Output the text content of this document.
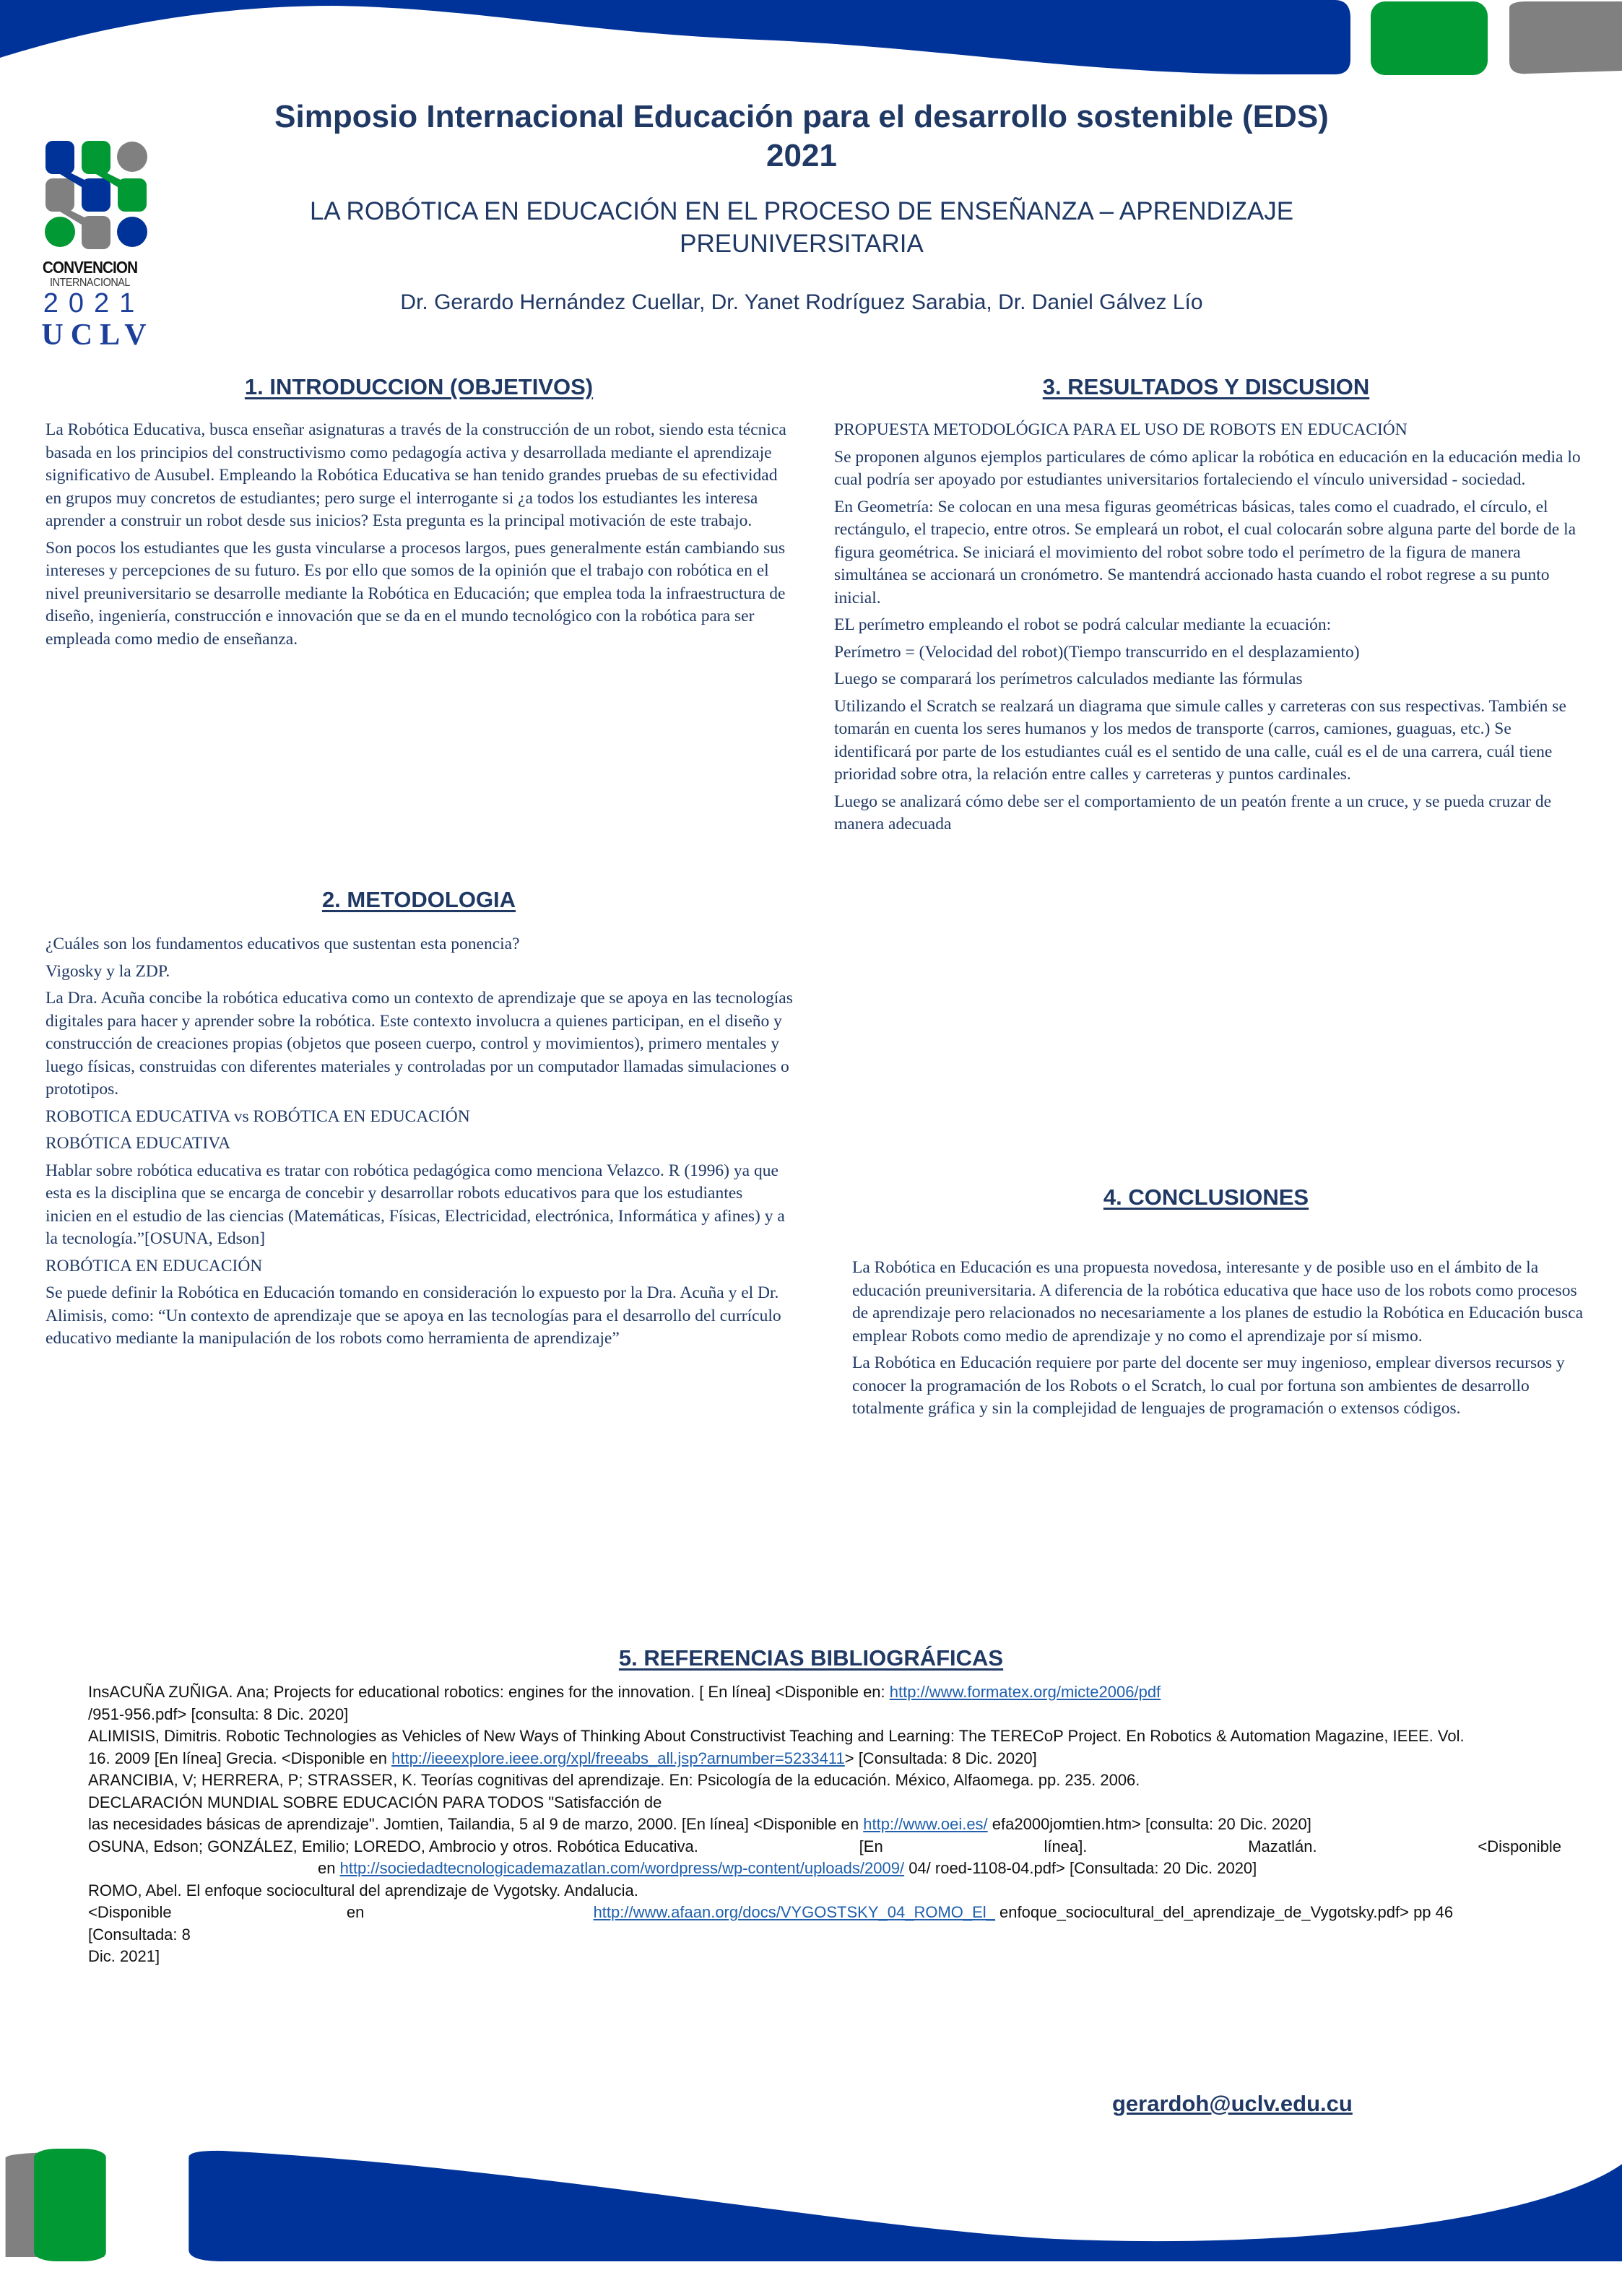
CONVENCION
INTERNACIONAL
2021
UCLV
Simposio Internacional Educación para el desarrollo sostenible (EDS)
2021
LA ROBÓTICA EN EDUCACIÓN EN EL PROCESO DE ENSEÑANZA – APRENDIZAJE
PREUNIVERSITARIA
Dr. Gerardo Hernández Cuellar, Dr. Yanet Rodríguez Sarabia, Dr. Daniel Gálvez Lío
1. INTRODUCCION (OBJETIVOS)

La Robótica Educativa, busca enseñar asignaturas a través de la construcción de un robot, siendo esta técnica basada en los principios del constructivismo como pedagogía activa y desarrollada mediante el aprendizaje significativo de Ausubel. Empleando la Robótica Educativa se han tenido grandes pruebas de su efectividad en grupos muy concretos de estudiantes; pero surge el interrogante si ¿a todos los estudiantes les interesa aprender a construir un robot desde sus inicios? Esta pregunta es la principal motivación de este trabajo.

Son pocos los estudiantes que les gusta vincularse a procesos largos, pues generalmente están cambiando sus intereses y percepciones de su futuro. Es por ello que somos de la opinión que el trabajo con robótica en el nivel preuniversitario se desarrolle mediante la Robótica en Educación; que emplea toda la infraestructura de diseño, ingeniería, construcción e innovación que se da en el mundo tecnológico con la robótica para ser empleada como medio de enseñanza.

2. METODOLOGIA

¿Cuáles son los fundamentos educativos que sustentan esta ponencia?

Vigosky y la ZDP.

La Dra. Acuña concibe la robótica educativa como un contexto de aprendizaje que se apoya en las tecnologías digitales para hacer y aprender sobre la robótica. Este contexto involucra a quienes participan, en el diseño y construcción de creaciones propias (objetos que poseen cuerpo, control y movimientos), primero mentales y luego físicas, construidas con diferentes materiales y controladas por un computador llamadas simulaciones o prototipos.

ROBOTICA EDUCATIVA vs ROBÓTICA EN EDUCACIÓN

ROBÓTICA EDUCATIVA

Hablar sobre robótica educativa es tratar con robótica pedagógica como menciona Velazco. R (1996) ya que esta es la disciplina que se encarga de concebir y desarrollar robots educativos para que los estudiantes inicien en el estudio de las ciencias (Matemáticas, Físicas, Electricidad, electrónica, Informática y afines) y a la tecnología.”[OSUNA, Edson]

ROBÓTICA EN EDUCACIÓN

Se puede definir la Robótica en Educación tomando en consideración lo expuesto por la Dra. Acuña y el Dr. Alimisis, como: “Un contexto de aprendizaje que se apoya en las tecnologías para el desarrollo del currículo educativo mediante la manipulación de los robots como herramienta de aprendizaje”

3. RESULTADOS Y DISCUSION

PROPUESTA METODOLÓGICA PARA EL USO DE ROBOTS EN EDUCACIÓN

Se proponen algunos ejemplos particulares de cómo aplicar la robótica en educación en la educación media lo cual podría ser apoyado por estudiantes universitarios fortaleciendo el vínculo universidad - sociedad.

En Geometría: Se colocan en una mesa figuras geométricas básicas, tales como el cuadrado, el círculo, el rectángulo, el trapecio, entre otros. Se empleará un robot, el cual colocarán sobre alguna parte del borde de la figura geométrica. Se iniciará el movimiento del robot sobre todo el perímetro de la figura de manera simultánea se accionará un cronómetro. Se mantendrá accionado hasta cuando el robot regrese a su punto inicial.

EL perímetro empleando el robot se podrá calcular mediante la ecuación:

Perímetro = (Velocidad del robot)(Tiempo transcurrido en el desplazamiento)

Luego se comparará los perímetros calculados mediante las fórmulas

Utilizando el Scratch se realzará un diagrama que simule calles y carreteras con sus respectivas. También se tomarán en cuenta los seres humanos y los medos de transporte (carros, camiones, guaguas, etc.) Se identificará por parte de los estudiantes cuál es el sentido de una calle, cuál es el de una carrera, cuál tiene prioridad sobre otra, la relación entre calles y carreteras y puntos cardinales.

Luego se analizará cómo debe ser el comportamiento de un peatón frente a un cruce, y se pueda cruzar de manera adecuada

4. CONCLUSIONES

La Robótica en Educación es una propuesta novedosa, interesante y de posible uso en el ámbito de la educación preuniversitaria. A diferencia de la robótica educativa que hace uso de los robots como procesos de aprendizaje pero relacionados no necesariamente a los planes de estudio la Robótica en Educación busca emplear Robots como medio de aprendizaje y no como el aprendizaje por sí mismo.

La Robótica en Educación requiere por parte del docente ser muy ingenioso, emplear diversos recursos y conocer la programación de los Robots o el Scratch, lo cual por fortuna son ambientes de desarrollo totalmente gráfica y sin la complejidad de lenguajes de programación o extensos códigos.

5. REFERENCIAS BIBLIOGRÁFICAS
InsACUÑA ZUÑIGA. Ana; Projects for educational robotics: engines for the innovation. [ En línea] <Disponible en: http://www.formatex.org/micte2006/pdf
/951-956.pdf> [consulta: 8 Dic. 2020]
ALIMISIS, Dimitris. Robotic Technologies as Vehicles of New Ways of Thinking About Constructivist Teaching and Learning: The TERECoP Project. En Robotics & Automation Magazine, IEEE. Vol.
16. 2009 [En línea] Grecia. <Disponible en http://ieeexplore.ieee.org/xpl/freeabs_all.jsp?arnumber=5233411> [Consultada: 8 Dic. 2020]
ARANCIBIA, V; HERRERA, P; STRASSER, K. Teorías cognitivas del aprendizaje. En: Psicología de la educación. México, Alfaomega. pp. 235. 2006.
DECLARACIÓN MUNDIAL SOBRE EDUCACIÓN PARA TODOS "Satisfacción de
las necesidades básicas de aprendizaje". Jomtien, Tailandia, 5 al 9 de marzo, 2000. [En línea] <Disponible en http://www.oei.es/ efa2000jomtien.htm> [consulta: 20 Dic. 2020]
OSUNA, Edson; GONZÁLEZ, Emilio; LOREDO, Ambrocio y otros. Robótica Educativa.	[En	línea].	Mazatlán.	<Disponible
en http://sociedadtecnologicademazatlan.com/wordpress/wp-content/uploads/2009/ 04/ roed-1108-04.pdf> [Consultada: 20 Dic. 2020]
ROMO, Abel. El enfoque sociocultural del aprendizaje de Vygotsky. Andalucia.
<Disponible	en	http://www.afaan.org/docs/VYGOSTSKY_04_ROMO_El_ enfoque_sociocultural_del_aprendizaje_de_Vygotsky.pdf> pp 46
[Consultada: 8
Dic. 2021]
gerardoh@uclv.edu.cu
